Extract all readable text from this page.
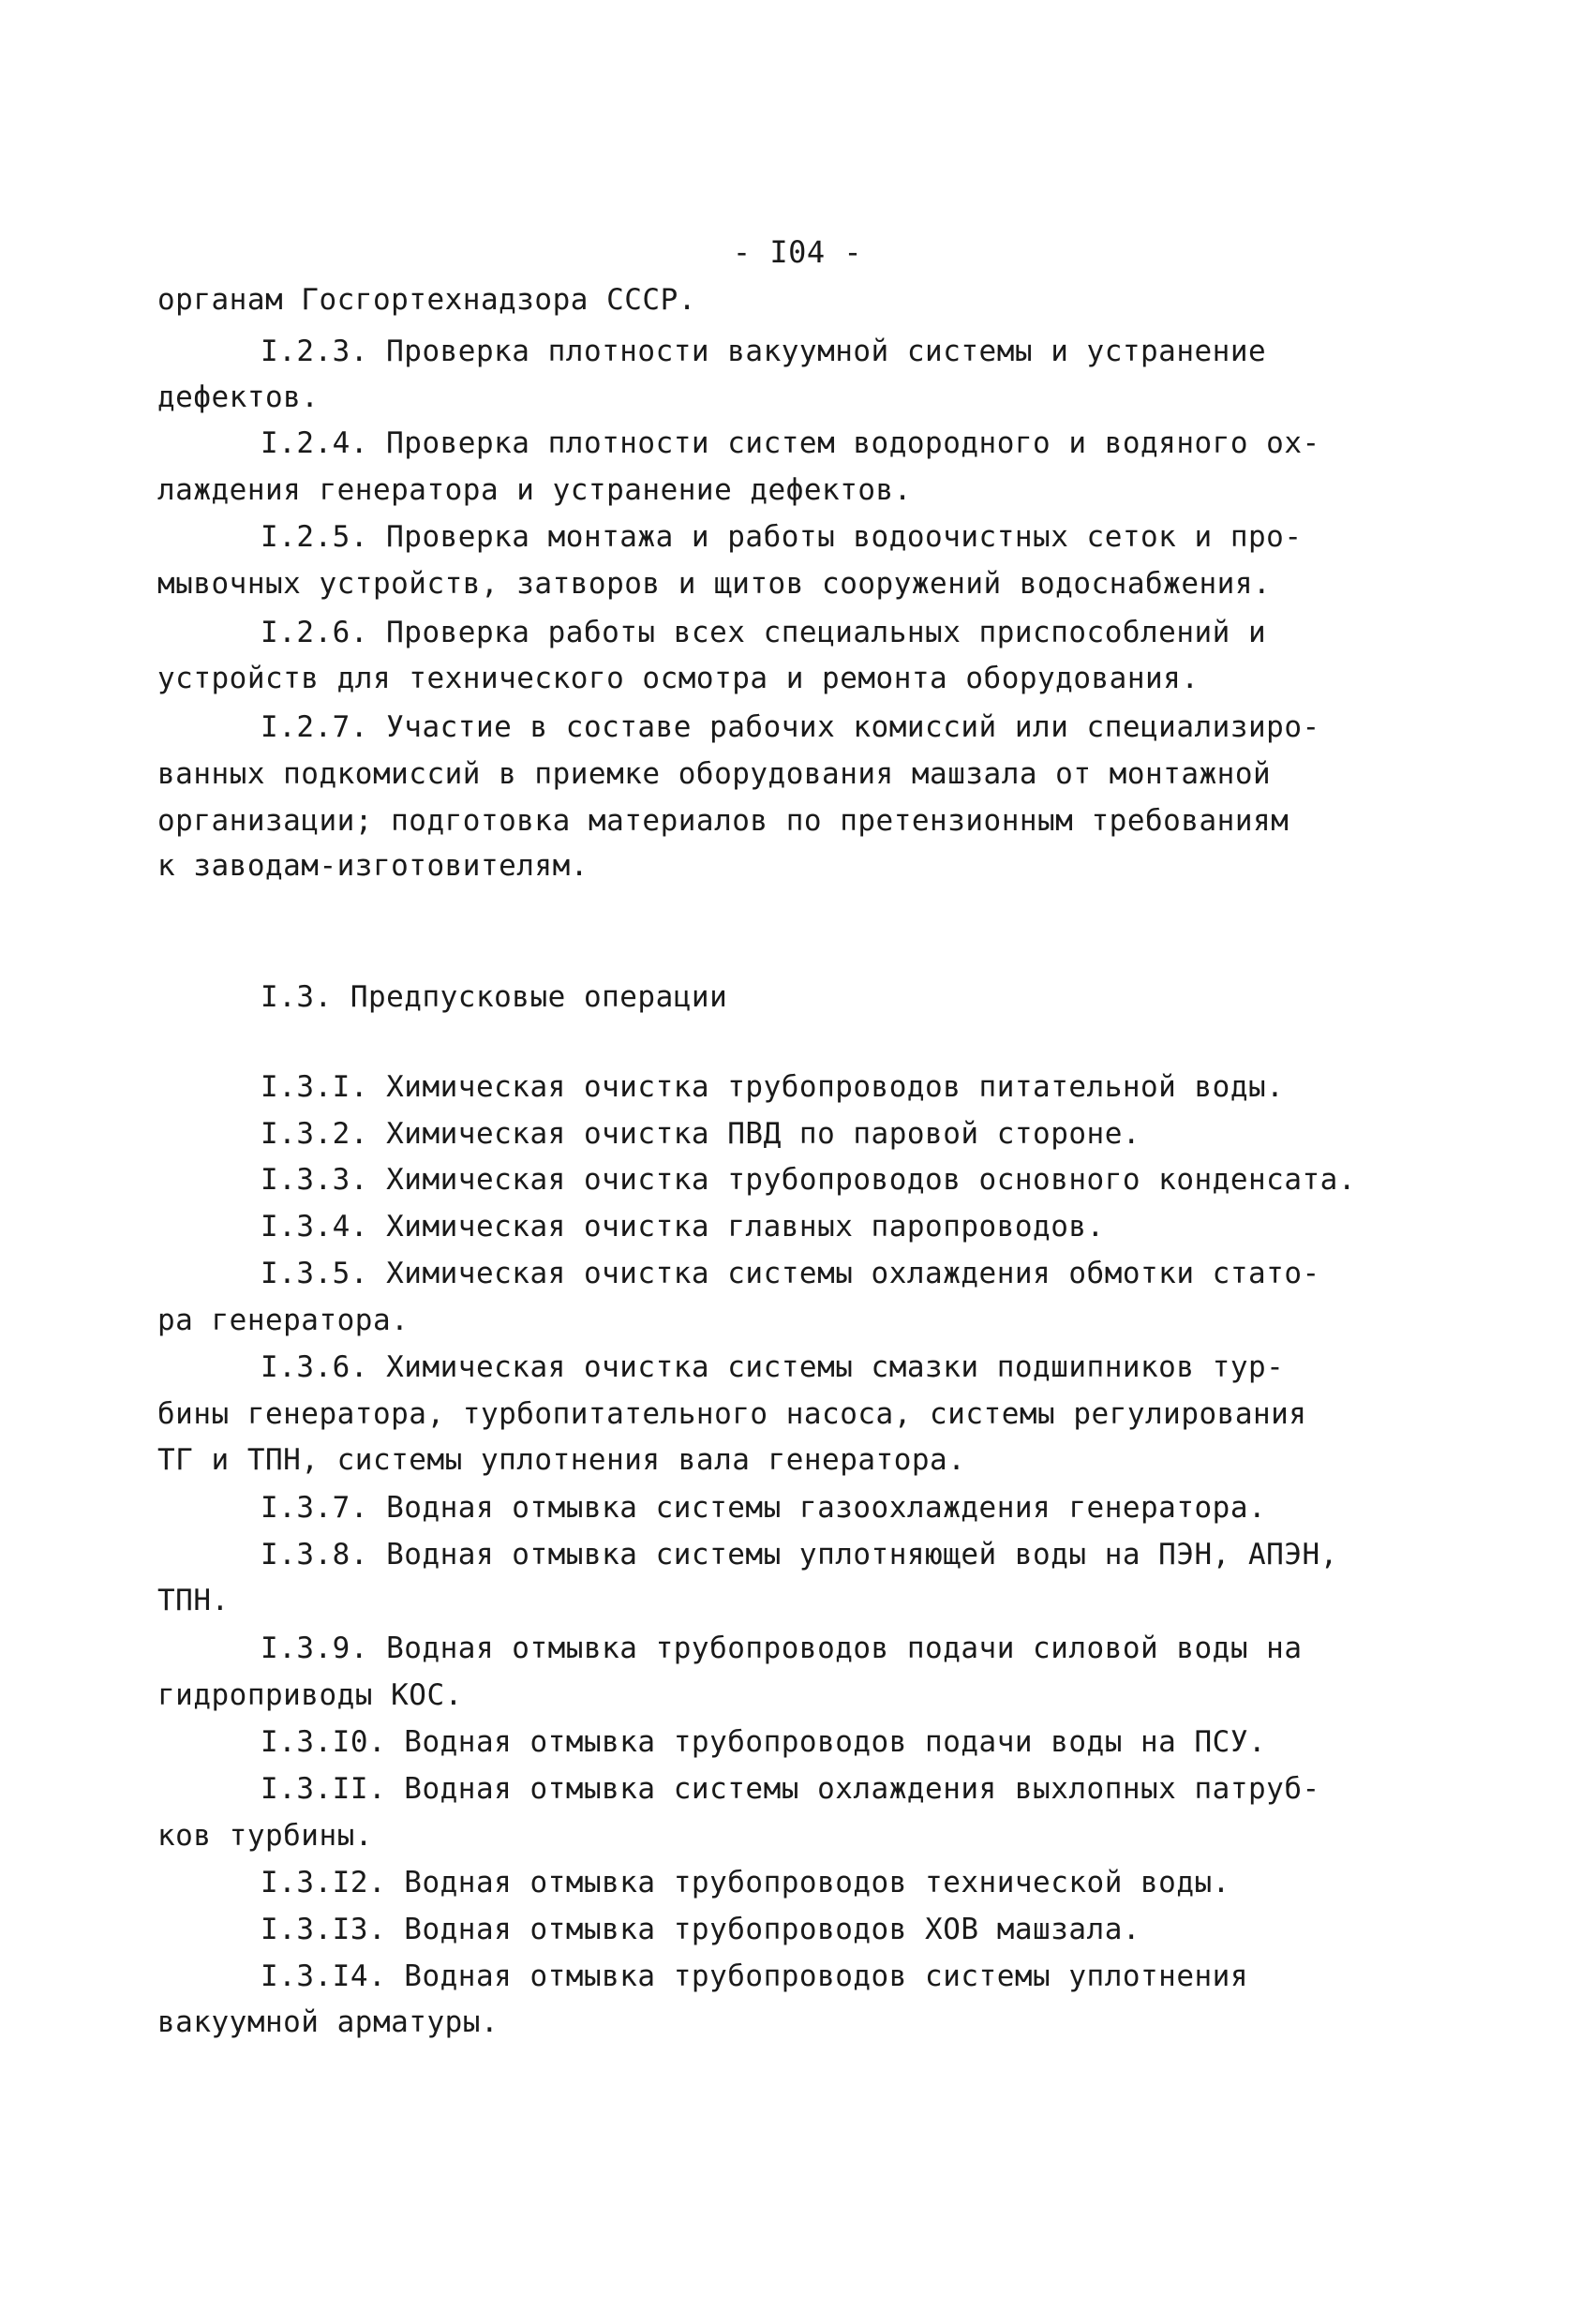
- I04 -
органам Госгортехнадзора СССР.
I.2.3. Проверка плотности вакуумной системы и устранение
дефектов.
I.2.4. Проверка плотности систем водородного и водяного ох-
лаждения генератора и устранение дефектов.
I.2.5. Проверка монтажа и работы водоочистных сеток и про-
мывочных устройств, затворов и щитов сооружений водоснабжения.
I.2.6. Проверка работы всех специальных приспособлений и
устройств для технического осмотра и ремонта оборудования.
I.2.7. Участие в составе рабочих комиссий или специализиро-
ванных подкомиссий в приемке оборудования машзала от монтажной
организации; подготовка материалов по претензионным требованиям
к заводам-изготовителям.
I.3. Предпусковые операции
I.3.I. Химическая очистка трубопроводов питательной воды.
I.3.2. Химическая очистка ПВД по паровой стороне.
I.3.3. Химическая очистка трубопроводов основного конденсата.
I.3.4. Химическая очистка главных паропроводов.
I.3.5. Химическая очистка системы охлаждения обмотки стато-
ра генератора.
I.3.6. Химическая очистка системы смазки подшипников тур-
бины генератора, турбопитательного насоса, системы регулирования
ТГ и ТПН, системы уплотнения вала генератора.
I.3.7. Водная отмывка системы газоохлаждения генератора.
I.3.8. Водная отмывка системы уплотняющей воды на ПЭН, АПЭН,
ТПН.
I.3.9. Водная отмывка трубопроводов подачи силовой воды на
гидроприводы КОС.
I.3.I0. Водная отмывка трубопроводов подачи воды на ПСУ.
I.3.II. Водная отмывка системы охлаждения выхлопных патруб-
ков турбины.
I.3.I2. Водная отмывка трубопроводов технической воды.
I.3.I3. Водная отмывка трубопроводов ХОВ машзала.
I.3.I4. Водная отмывка трубопроводов системы уплотнения
вакуумной арматуры.
